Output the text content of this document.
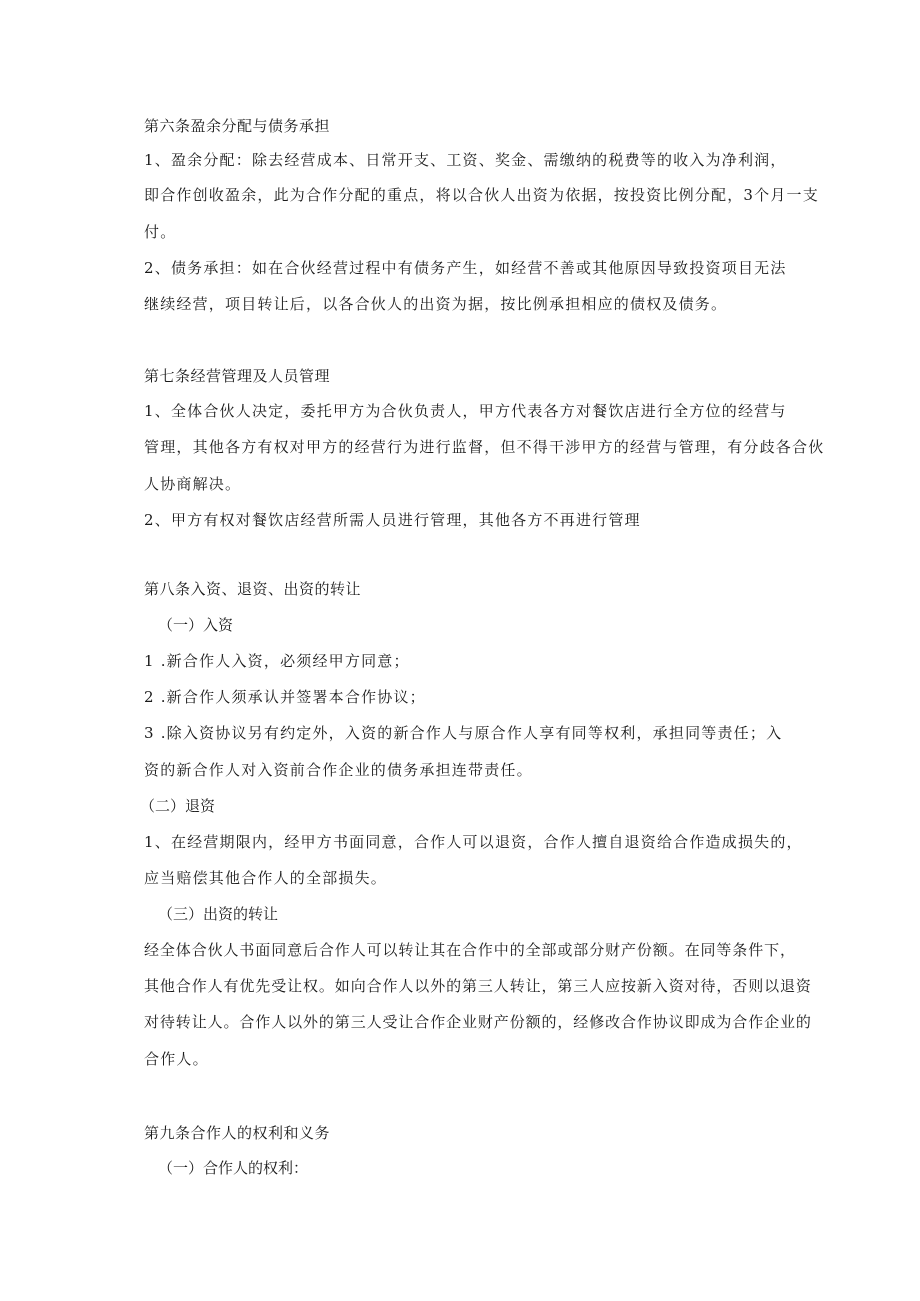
第六条盈余分配与债务承担
1、盈余分配：除去经营成本、日常开支、工资、奖金、需缴纳的税费等的收入为净利润，
即合作创收盈余，此为合作分配的重点，将以合伙人出资为依据，按投资比例分配，3个月一支
付。
2、债务承担：如在合伙经营过程中有债务产生，如经营不善或其他原因导致投资项目无法
继续经营，项目转让后，以各合伙人的出资为据，按比例承担相应的债权及债务。
第七条经营管理及人员管理
1、全体合伙人决定，委托甲方为合伙负责人，甲方代表各方对餐饮店进行全方位的经营与
管理，其他各方有权对甲方的经营行为进行监督，但不得干涉甲方的经营与管理，有分歧各合伙
人协商解决。
2、甲方有权对餐饮店经营所需人员进行管理，其他各方不再进行管理
第八条入资、退资、出资的转让
（一）入资
1 .新合作人入资，必须经甲方同意；
2 .新合作人须承认并签署本合作协议；
3 .除入资协议另有约定外，入资的新合作人与原合作人享有同等权利，承担同等责任；入
资的新合作人对入资前合作企业的债务承担连带责任。
（二）退资
1、在经营期限内，经甲方书面同意，合作人可以退资，合作人擅自退资给合作造成损失的，
应当赔偿其他合作人的全部损失。
（三）出资的转让
经全体合伙人书面同意后合作人可以转让其在合作中的全部或部分财产份额。在同等条件下，
其他合作人有优先受让权。如向合作人以外的第三人转让，第三人应按新入资对待，否则以退资
对待转让人。合作人以外的第三人受让合作企业财产份额的，经修改合作协议即成为合作企业的
合作人。
第九条合作人的权利和义务
（一）合作人的权利：
